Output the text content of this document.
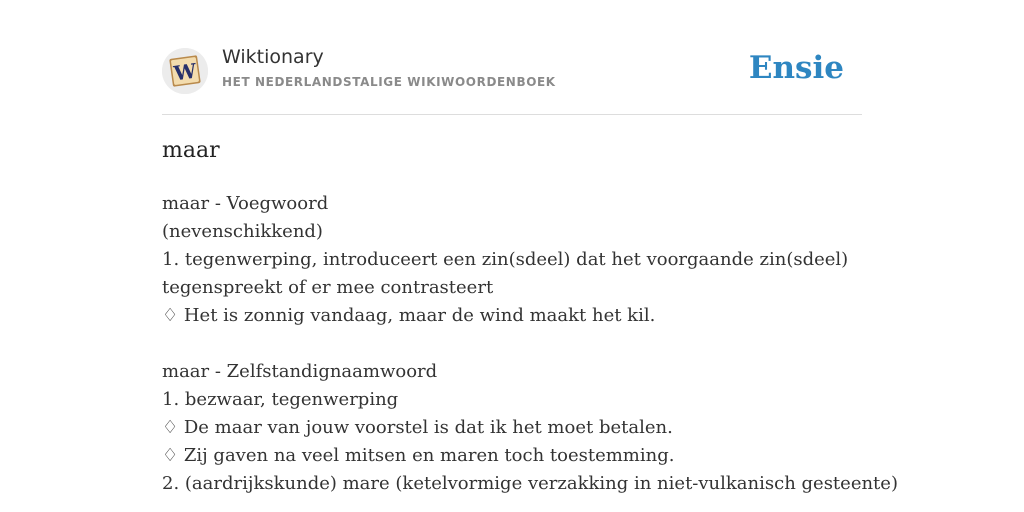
W
Wiktionary
HET NEDERLANDSTALIGE WIKIWOORDENBOEK	Ensie
maar
maar - Voegwoord
(nevenschikkend)
1. tegenwerping, introduceert een zin(sdeel) dat het voorgaande zin(sdeel) tegenspreekt of er mee contrasteert
♢ Het is zonnig vandaag, maar de wind maakt het kil.
maar - Zelfstandignaamwoord
1. bezwaar, tegenwerping
♢ De maar van jouw voorstel is dat ik het moet betalen.
♢ Zij gaven na veel mitsen en maren toch toestemming.
2. (aardrijkskunde) mare (ketelvormige verzakking in niet-vulkanisch gesteente)
